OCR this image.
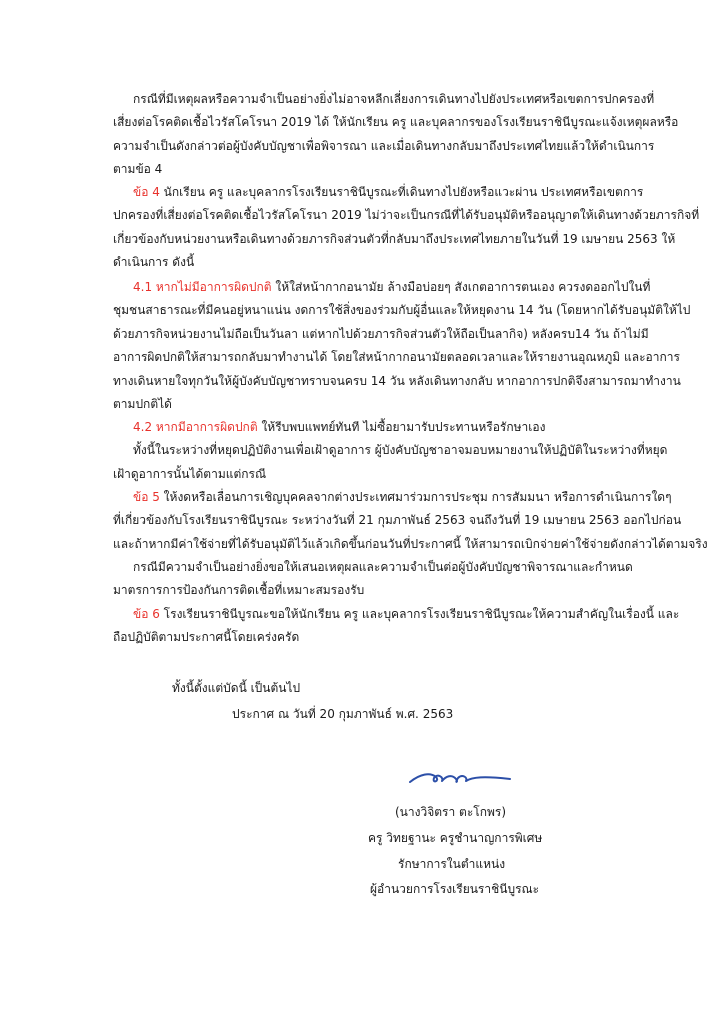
กรณีที่มีเหตุผลหรือความจำเป็นอย่างยิ่งไม่อาจหลีกเลี่ยงการเดินทางไปยังประเทศหรือเขตการปกครองที่
เสี่ยงต่อโรคติดเชื้อไวรัสโคโรนา 2019 ได้ ให้นักเรียน ครู และบุคลากรของโรงเรียนราชินีบูรณะแจ้งเหตุผลหรือ
ความจำเป็นดังกล่าวต่อผู้บังคับบัญชาเพื่อพิจารณา และเมื่อเดินทางกลับมาถึงประเทศไทยแล้วให้ดำเนินการ
ตามข้อ 4

ข้อ 4 นักเรียน ครู และบุคลากรโรงเรียนราชินีบูรณะที่เดินทางไปยังหรือแวะผ่าน ประเทศหรือเขตการ
ปกครองที่เสี่ยงต่อโรคติดเชื้อไวรัสโคโรนา 2019 ไม่ว่าจะเป็นกรณีที่ได้รับอนุมัติหรืออนุญาตให้เดินทางด้วยภารกิจที่
เกี่ยวข้องกับหน่วยงานหรือเดินทางด้วยภารกิจส่วนตัวที่กลับมาถึงประเทศไทยภายในวันที่ 19 เมษายน 2563 ให้
ดำเนินการ ดังนี้

4.1 หากไม่มีอาการผิดปกติ ให้ใส่หน้ากากอนามัย ล้างมือบ่อยๆ สังเกตอาการตนเอง ควรงดออกไปในที่
ชุมชนสาธารณะที่มีคนอยู่หนาแน่น งดการใช้สิ่งของร่วมกับผู้อื่นและให้หยุดงาน 14 วัน (โดยหากได้รับอนุมัติให้ไป
ด้วยภารกิจหน่วยงานไม่ถือเป็นวันลา แต่หากไปด้วยภารกิจส่วนตัวให้ถือเป็นลากิจ) หลังครบ14 วัน ถ้าไม่มี
อาการผิดปกติให้สามารถกลับมาทำงานได้ โดยใส่หน้ากากอนามัยตลอดเวลาและให้รายงานอุณหภูมิ และอาการ
ทางเดินหายใจทุกวันให้ผู้บังคับบัญชาทราบจนครบ 14 วัน หลังเดินทางกลับ หากอาการปกติจึงสามารถมาทำงาน
ตามปกติได้

4.2 หากมีอาการผิดปกติ ให้รีบพบแพทย์ทันที ไม่ซื้อยามารับประทานหรือรักษาเอง
ทั้งนี้ในระหว่างที่หยุดปฏิบัติงานเพื่อเฝ้าดูอาการ ผู้บังคับบัญชาอาจมอบหมายงานให้ปฏิบัติในระหว่างที่หยุด
เฝ้าดูอาการนั้นได้ตามแต่กรณี

ข้อ 5 ให้งดหรือเลื่อนการเชิญบุคคลจากต่างประเทศมาร่วมการประชุม การสัมมนา หรือการดำเนินการใดๆ
ที่เกี่ยวข้องกับโรงเรียนราชินีบูรณะ ระหว่างวันที่ 21 กุมภาพันธ์ 2563 จนถึงวันที่ 19 เมษายน 2563 ออกไปก่อน
และถ้าหากมีค่าใช้จ่ายที่ได้รับอนุมัติไว้แล้วเกิดขึ้นก่อนวันที่ประกาศนี้ ให้สามารถเบิกจ่ายค่าใช้จ่ายดังกล่าวได้ตามจริง

กรณีมีความจำเป็นอย่างยิ่งขอให้เสนอเหตุผลและความจำเป็นต่อผู้บังคับบัญชาพิจารณาและกำหนด
มาตรการการป้องกันการติดเชื้อที่เหมาะสมรองรับ

ข้อ 6 โรงเรียนราชินีบูรณะขอให้นักเรียน ครู และบุคลากรโรงเรียนราชินีบูรณะให้ความสำคัญในเรื่องนี้ และ
ถือปฏิบัติตามประกาศนี้โดยเคร่งครัด

ทั้งนี้ตั้งแต่บัดนี้ เป็นต้นไป

ประกาศ ณ วันที่ 20 กุมภาพันธ์ พ.ศ. 2563

(นางวิจิตรา ตะโกพร)
ครู วิทยฐานะ ครูชำนาญการพิเศษ
รักษาการในตำแหน่ง
ผู้อำนวยการโรงเรียนราชินีบูรณะ
